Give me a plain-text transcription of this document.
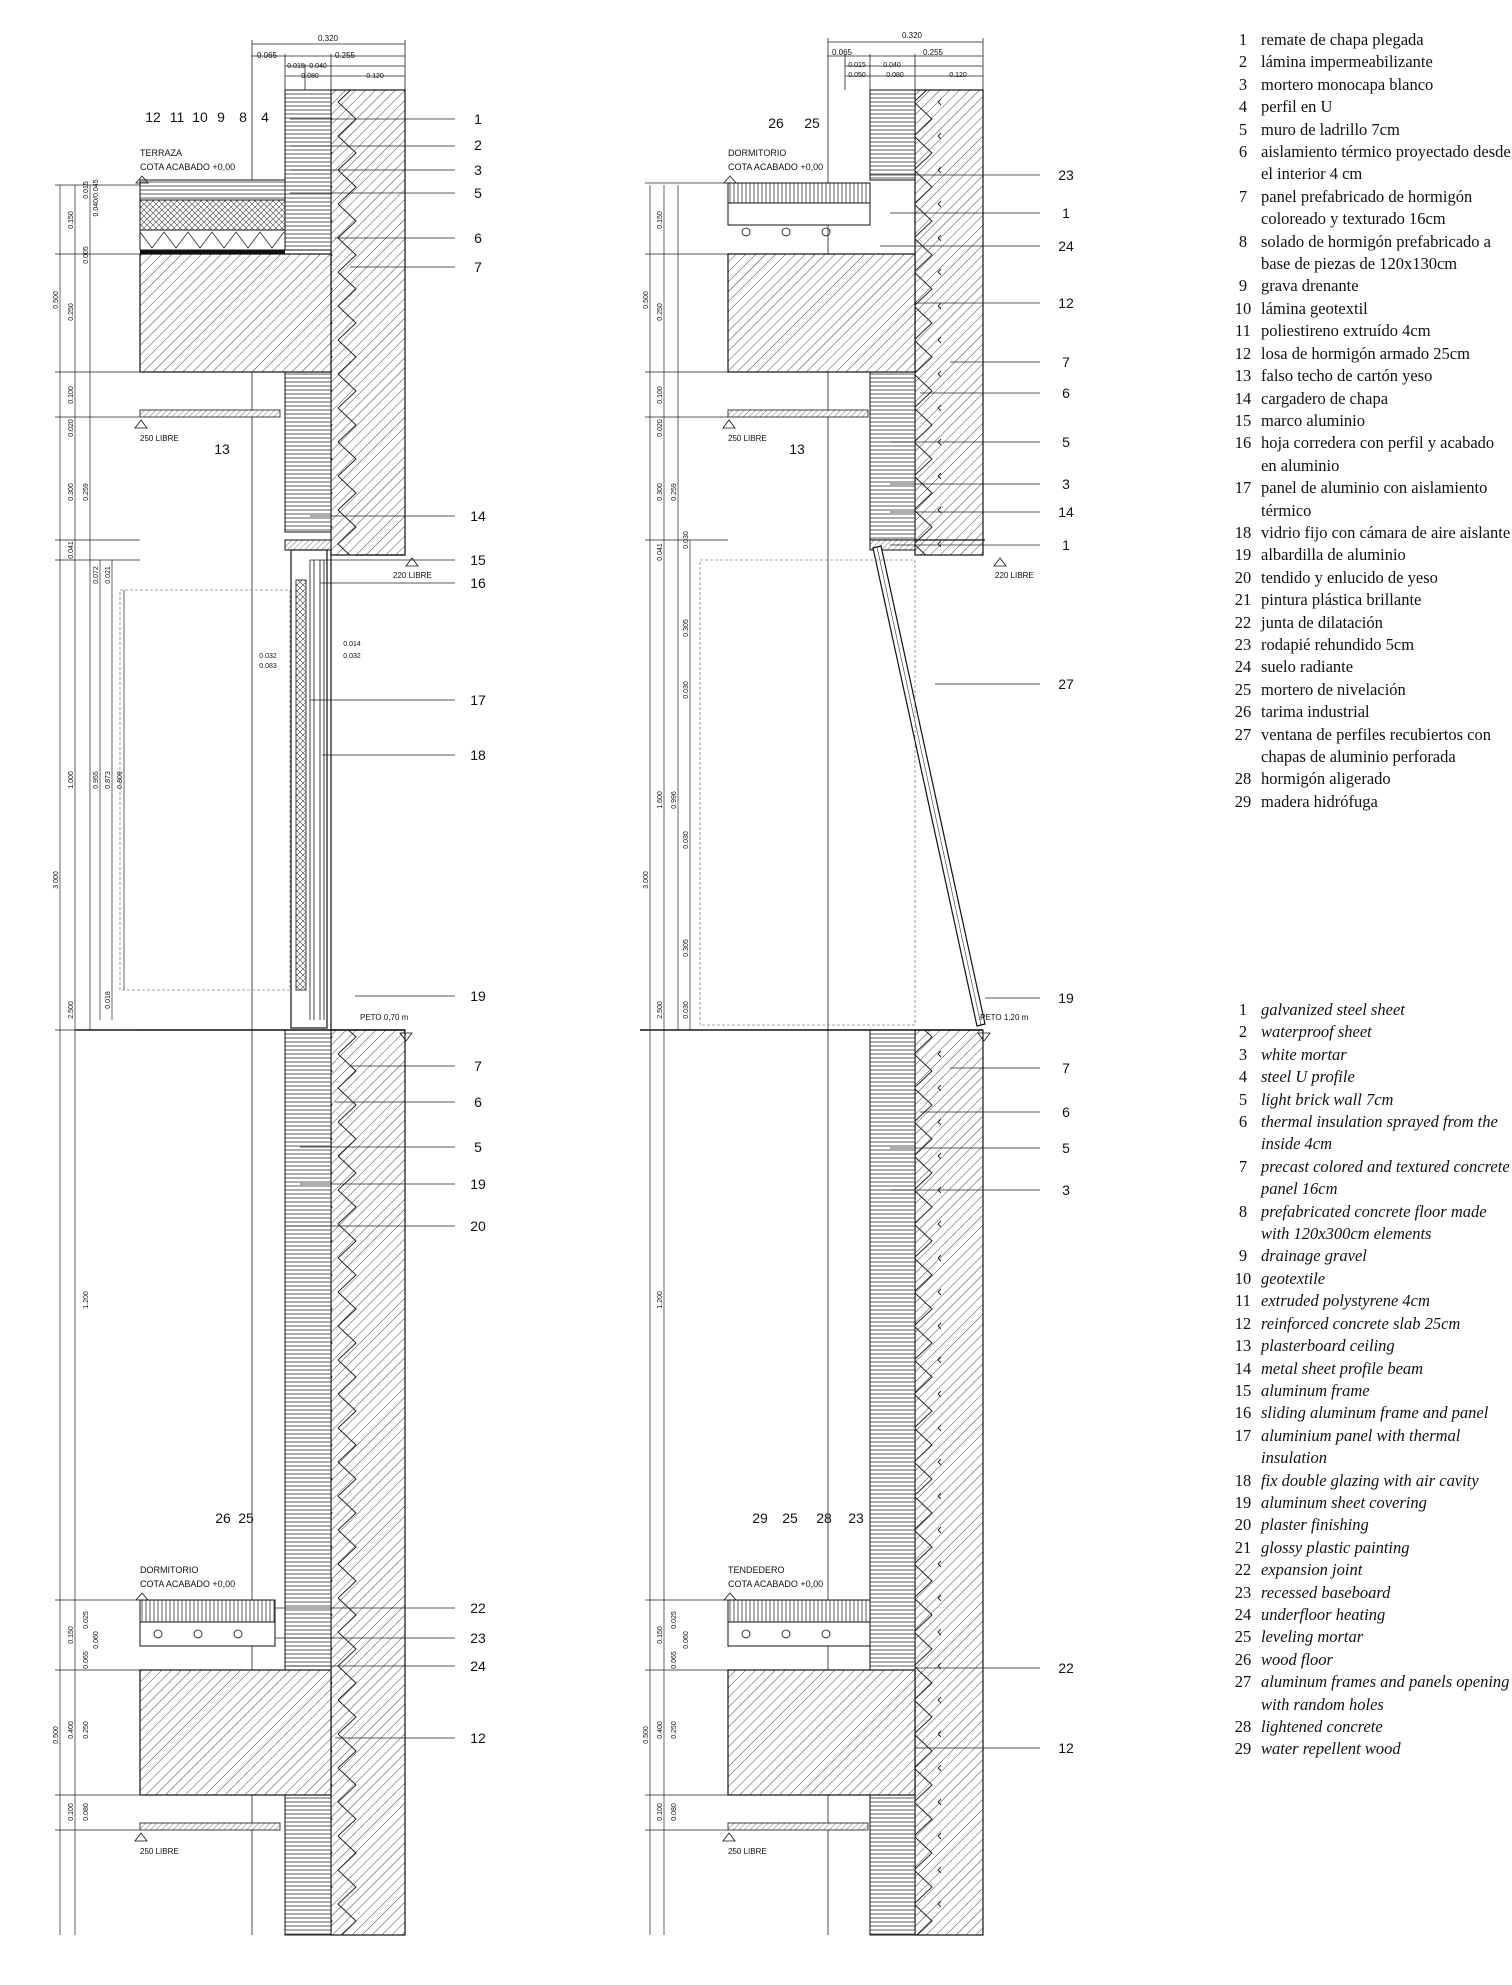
0.320
0.065	0.255
0.015 0.040
0.080	0.120
250 LIBRE
13
220 LIBRE
0.032
0.083
0.014
0.032
PETO 0,70 m
DORMITORIO
COTA ACABADO +0,00
250 LIBRE
TERRAZA
COTA ACABADO +0,00
12 11 10 9 8 4
26 25
1
2
3
5
6
7
14
15
16
17
18
19
7
6
5
19
20
22
23
24
12
0.500
3.000
2.500
0.150
0.250
0.100
0.020
0.300 0.259
0.041
1.000
1.200
0.072 0.021
0.955 0.873 0.809
0.018
0.400
0.500
0.150
0.025
0.065
0.060
0.250
0.100 0.080
0.040/0.045
0.005
0.015
0.320
0.065	0.255
0.015 0.040
0.050	0.080	0.120
DORMITORIO
COTA ACABADO +0,00
250 LIBRE
13
220 LIBRE
PETO 1,20 m
TENDEDERO
COTA ACABADO +0,00
250 LIBRE
26 25
29 25 28 23
23
1
24
12
7
6
5
3
14
1
27
19
7
6
5
3
22
12
0.500
3.000
2.500
0.150
0.250
0.100
0.020
0.300 0.259
0.041
1.600 0.996
0.030
0.305
0.030
0.030
0.305
0.030
1.200
0.400
0.500
0.150
0.025
0.065
0.060
0.250
0.100 0.080
1 remate de chapa plegada
2 lámina impermeabilizante
3 mortero monocapa blanco
4 perfil en U
5 muro de ladrillo 7cm
6 aislamiento térmico proyectado desde el interior 4 cm
7 panel prefabricado de hormigón coloreado y texturado 16cm
8 solado de hormigón prefabricado a base de piezas de 120x130cm
9 grava drenante
10 lámina geotextil
11 poliestireno extruído 4cm
12 losa de hormigón armado 25cm
13 falso techo de cartón yeso
14 cargadero de chapa
15 marco aluminio
16 hoja corredera con perfil y acabado en aluminio
17 panel de aluminio con aislamiento térmico
18 vidrio fijo con cámara de aire aislante
19 albardilla de aluminio
20 tendido y enlucido de yeso
21 pintura plástica brillante
22 junta de dilatación
23 rodapié rehundido 5cm
24 suelo radiante
25 mortero de nivelación
26 tarima industrial
27 ventana de perfiles recubiertos con chapas de aluminio perforada
28 hormigón aligerado
29 madera hidrófuga
1 galvanized steel sheet
2 waterproof sheet
3 white mortar
4 steel U profile
5 light brick wall 7cm
6 thermal insulation sprayed from the inside 4cm
7 precast colored and textured concrete panel 16cm
8 prefabricated concrete floor made with 120x300cm elements
9 drainage gravel
10 geotextile
11 extruded polystyrene 4cm
12 reinforced concrete slab 25cm
13 plasterboard ceiling
14 metal sheet profile beam
15 aluminum frame
16 sliding aluminum frame and panel
17 aluminium panel with thermal insulation
18 fix double glazing with air cavity
19 aluminum sheet covering
20 plaster finishing
21 glossy plastic painting
22 expansion joint
23 recessed baseboard
24 underfloor heating
25 leveling mortar
26 wood floor
27 aluminum frames and panels opening with random holes
28 lightened concrete
29 water repellent wood
